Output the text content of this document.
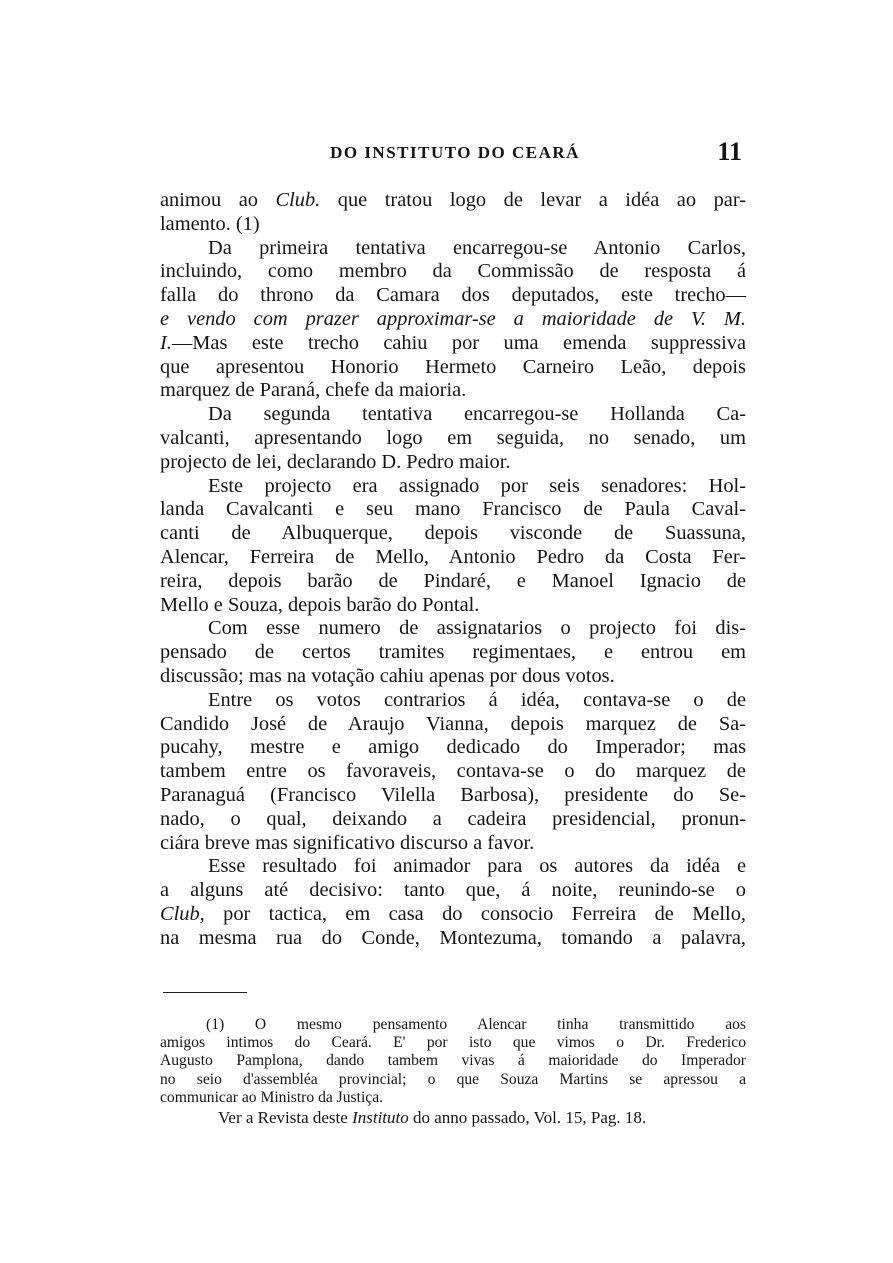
DO INSTITUTO DO CEARÁ	11
animou ao Club. que tratou logo de levar a idéa ao par-
lamento. (1)
Da primeira tentativa encarregou-se Antonio Carlos,
incluindo, como membro da Commissão de resposta á
falla do throno da Camara dos deputados, este trecho—
e vendo com prazer approximar-se a maioridade de V. M.
I.—Mas este trecho cahiu por uma emenda suppressiva
que apresentou Honorio Hermeto Carneiro Leão, depois
marquez de Paraná, chefe da maioria.
Da segunda tentativa encarregou-se Hollanda Ca-
valcanti, apresentando logo em seguida, no senado, um
projecto de lei, declarando D. Pedro maior.
Este projecto era assignado por seis senadores: Hol-
landa Cavalcanti e seu mano Francisco de Paula Caval-
canti de Albuquerque, depois visconde de Suassuna,
Alencar, Ferreira de Mello, Antonio Pedro da Costa Fer-
reira, depois barão de Pindaré, e Manoel Ignacio de
Mello e Souza, depois barão do Pontal.
Com esse numero de assignatarios o projecto foi dis-
pensado de certos tramites regimentaes, e entrou em
discussão; mas na votação cahiu apenas por dous votos.
Entre os votos contrarios á idéa, contava-se o de
Candido José de Araujo Vianna, depois marquez de Sa-
pucahy, mestre e amigo dedicado do Imperador; mas
tambem entre os favoraveis, contava-se o do marquez de
Paranaguá (Francisco Vilella Barbosa), presidente do Se-
nado, o qual, deixando a cadeira presidencial, pronun-
ciára breve mas significativo discurso a favor.
Esse resultado foi animador para os autores da idéa e
a alguns até decisivo: tanto que, á noite, reunindo-se o
Club, por tactica, em casa do consocio Ferreira de Mello,
na mesma rua do Conde, Montezuma, tomando a palavra,
(1) O mesmo pensamento Alencar tinha transmittido aos
amigos intimos do Ceará. E' por isto que vimos o Dr. Frederico
Augusto Pamplona, dando tambem vivas á maioridade do Imperador
no seio d'assembléa provincial; o que Souza Martins se apressou a
communicar ao Ministro da Justiça.
Ver a Revista deste Instituto do anno passado, Vol. 15, Pag. 18.
